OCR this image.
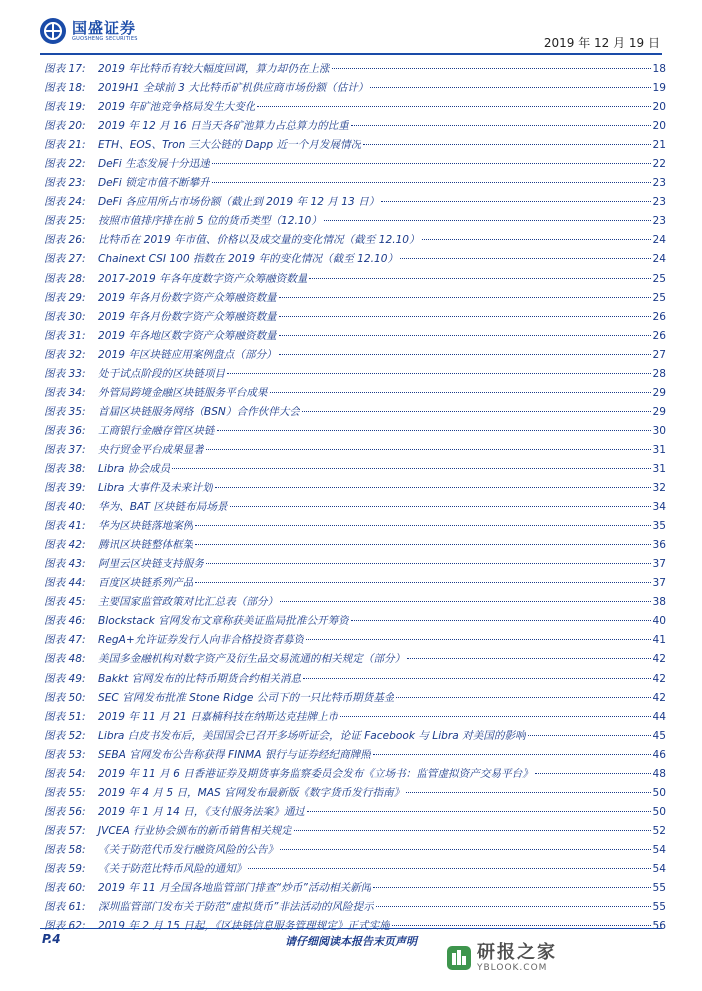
国盛证券
GUOSHENG SECURITIES	2019 年 12 月 19 日
图表 17:	2019 年比特币有较大幅度回调，算力却仍在上涨	18
图表 18:	2019H1 全球前 3 大比特币矿机供应商市场份额（估计）	19
图表 19:	2019 年矿池竞争格局发生大变化	20
图表 20:	2019 年 12 月 16 日当天各矿池算力占总算力的比重	20
图表 21:	ETH、EOS、Tron 三大公链的 Dapp 近一个月发展情况	21
图表 22:	DeFi 生态发展十分迅速	22
图表 23:	DeFi 锁定市值不断攀升	23
图表 24:	DeFi 各应用所占市场份额（截止到 2019 年 12 月 13 日）	23
图表 25:	按照市值排序排在前 5 位的货币类型（12.10）	23
图表 26:	比特币在 2019 年市值、价格以及成交量的变化情况（截至 12.10）	24
图表 27:	Chainext CSI 100 指数在 2019 年的变化情况（截至 12.10）	24
图表 28:	2017-2019 年各年度数字资产众筹融资数量	25
图表 29:	2019 年各月份数字资产众筹融资数量	25
图表 30:	2019 年各月份数字资产众筹融资数量	26
图表 31:	2019 年各地区数字资产众筹融资数量	26
图表 32:	2019 年区块链应用案例盘点（部分）	27
图表 33:	处于试点阶段的区块链项目	28
图表 34:	外管局跨境金融区块链服务平台成果	29
图表 35:	首届区块链服务网络（BSN）合作伙伴大会	29
图表 36:	工商银行金融存管区块链	30
图表 37:	央行贸金平台成果显著	31
图表 38:	Libra 协会成员	31
图表 39:	Libra 大事件及未来计划	32
图表 40:	华为、BAT 区块链布局场景	34
图表 41:	华为区块链落地案例	35
图表 42:	腾讯区块链整体框架	36
图表 43:	阿里云区块链支持服务	37
图表 44:	百度区块链系列产品	37
图表 45:	主要国家监管政策对比汇总表（部分）	38
图表 46:	Blockstack 官网发布文章称获美证监局批准公开筹资	40
图表 47:	RegA+允许证券发行人向非合格投资者募资	41
图表 48:	美国多金融机构对数字资产及衍生品交易流通的相关规定（部分）	42
图表 49:	Bakkt 官网发布的比特币期货合约相关消息	42
图表 50:	SEC 官网发布批准 Stone Ridge 公司下的一只比特币期货基金	42
图表 51:	2019 年 11 月 21 日嘉楠科技在纳斯达克挂牌上市	44
图表 52:	Libra 白皮书发布后，美国国会已召开多场听证会，论证 Facebook 与 Libra 对美国的影响	45
图表 53:	SEBA 官网发布公告称获得 FINMA 银行与证券经纪商牌照	46
图表 54:	2019 年 11 月 6 日香港证券及期货事务监察委员会发布《立场书：监管虚拟资产交易平台》	48
图表 55:	2019 年 4 月 5 日，MAS 官网发布最新版《数字货币发行指南》	50
图表 56:	2019 年 1 月 14 日，《支付服务法案》通过	50
图表 57:	JVCEA 行业协会颁布的新币销售相关规定	52
图表 58:	《关于防范代币发行融资风险的公告》	54
图表 59:	《关于防范比特币风险的通知》	54
图表 60:	2019 年 11 月全国各地监管部门排查“炒币”活动相关新闻	55
图表 61:	深圳监管部门发布关于防范“虚拟货币”非法活动的风险提示	55
图表 62:	2019 年 2 月 15 日起，《区块链信息服务管理规定》正式实施	56
P.4	请仔细阅读本报告末页声明
研报之家
YBLOOK.COM
